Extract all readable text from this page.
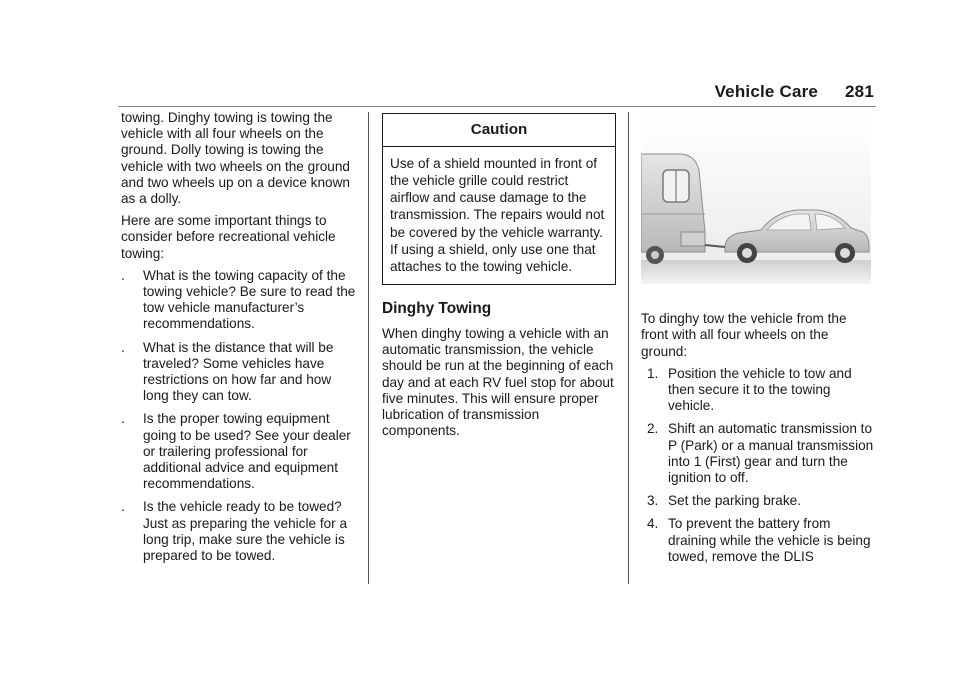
Vehicle Care 281

towing. Dinghy towing is towing the vehicle with all four wheels on the ground. Dolly towing is towing the vehicle with two wheels on the ground and two wheels up on a device known as a dolly.

Here are some important things to consider before recreational vehicle towing:

. What is the towing capacity of the towing vehicle? Be sure to read the tow vehicle manufacturer’s recommendations.
. What is the distance that will be traveled? Some vehicles have restrictions on how far and how long they can tow.
. Is the proper towing equipment going to be used? See your dealer or trailering professional for additional advice and equipment recommendations.
. Is the vehicle ready to be towed? Just as preparing the vehicle for a long trip, make sure the vehicle is prepared to be towed.
Caution
Use of a shield mounted in front of the vehicle grille could restrict airflow and cause damage to the transmission. The repairs would not be covered by the vehicle warranty. If using a shield, only use one that attaches to the towing vehicle.
Dinghy Towing

When dinghy towing a vehicle with an automatic transmission, the vehicle should be run at the beginning of each day and at each RV fuel stop for about five minutes. This will ensure proper lubrication of transmission components.

To dinghy tow the vehicle from the front with all four wheels on the ground:

1. Position the vehicle to tow and then secure it to the towing vehicle.
2. Shift an automatic transmission to P (Park) or a manual transmission into 1 (First) gear and turn the ignition to off.
3. Set the parking brake.
4. To prevent the battery from draining while the vehicle is being towed, remove the DLIS
